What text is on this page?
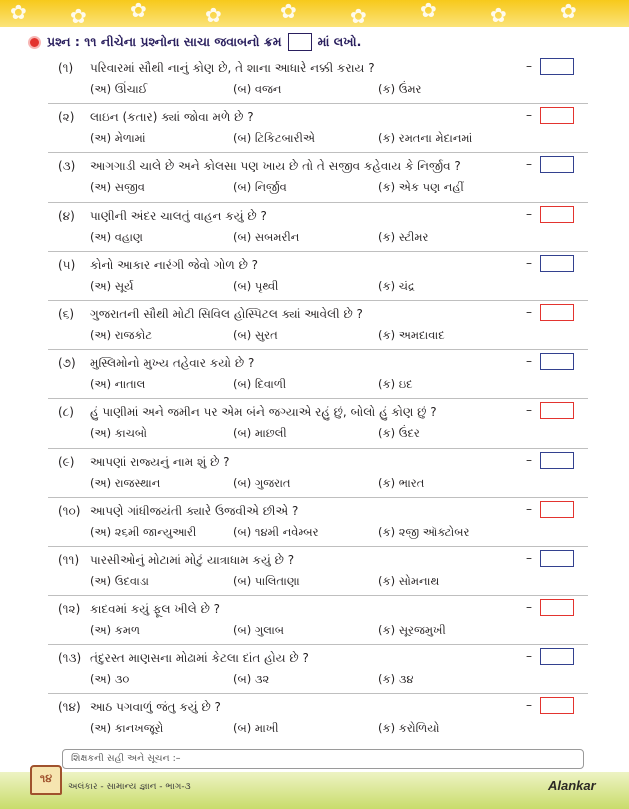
✿ ✿ ✿	✿	✿	✿	✿	✿	✿
પ્રશ્ન : ૧૧ નીચેના પ્રશ્નોના સાચા જવાબનો ક્રમ	માં લખો.
(૧) પરિવારમાં સૌથી નાનું કોણ છે, તે શાના આધારે નક્કી કરાય ?
(અ) ઊંચાઈ	(બ) વજન	(ક) ઉંમર
–
(૨) લાઇન (કતાર) ક્યાં જોવા મળે છે ?
(અ) મેળામાં	(બ) ટિકિટબારીએ	(ક) રમતના મેદાનમાં
–
(૩) આગગાડી ચાલે છે અને કોલસા પણ ખાય છે તો તે સજીવ કહેવાય કે નિર્જીવ ?
(અ) સજીવ	(બ) નિર્જીવ	(ક) એક પણ નહીં
–
(૪) પાણીની અંદર ચાલતું વાહન કયું છે ?
(અ) વહાણ	(બ) સબમરીન	(ક) સ્ટીમર
–
(૫) કોનો આકાર નારંગી જેવો ગોળ છે ?
(અ) સૂર્ય	(બ) પૃથ્વી	(ક) ચંદ્ર
–
(૬) ગુજરાતની સૌથી મોટી સિવિલ હોસ્પિટલ ક્યાં આવેલી છે ?
(અ) રાજકોટ	(બ) સુરત	(ક) અમદાવાદ
–
(૭) મુસ્લિમોનો મુખ્ય તહેવાર કયો છે ?
(અ) નાતાલ	(બ) દિવાળી	(ક) ઇદ
–
(૮) હું પાણીમાં અને જમીન પર એમ બંને જગ્યાએ રહું છું, બોલો હું કોણ છું ?
(અ) કાચબો	(બ) માછલી	(ક) ઉંદર
–
(૯) આપણાં રાજ્યનું નામ શું છે ?
(અ) રાજસ્થાન	(બ) ગુજરાત	(ક) ભારત
–
(૧૦) આપણે ગાંધીજયંતી ક્યારે ઉજવીએ છીએ ?
(અ) ૨૬મી જાન્યુઆરી	(બ) ૧૪મી નવેમ્બર	(ક) ૨જી ઑક્ટોબર
–
(૧૧) પારસીઓનું મોટામાં મોટું યાત્રાધામ કયું છે ?
(અ) ઉદવાડા	(બ) પાલિતાણા	(ક) સોમનાથ
–
(૧૨) કાદવમાં કયું ફૂલ ખીલે છે ?
(અ) કમળ	(બ) ગુલાબ	(ક) સૂરજમુખી
–
(૧૩) તંદુરસ્ત માણસના મોઢામાં કેટલા દાંત હોય છે ?
(અ) ૩૦	(બ) ૩૨	(ક) ૩૪
–
(૧૪) આઠ પગવાળું જંતુ કયું છે ?
(અ) કાનખજૂરો	(બ) માખી	(ક) કરોળિયો
–
શિક્ષકની સહી અને સૂચન :–
૧૪
અલંકાર - સામાન્ય જ્ઞાન - ભાગ-૩	Alankar
